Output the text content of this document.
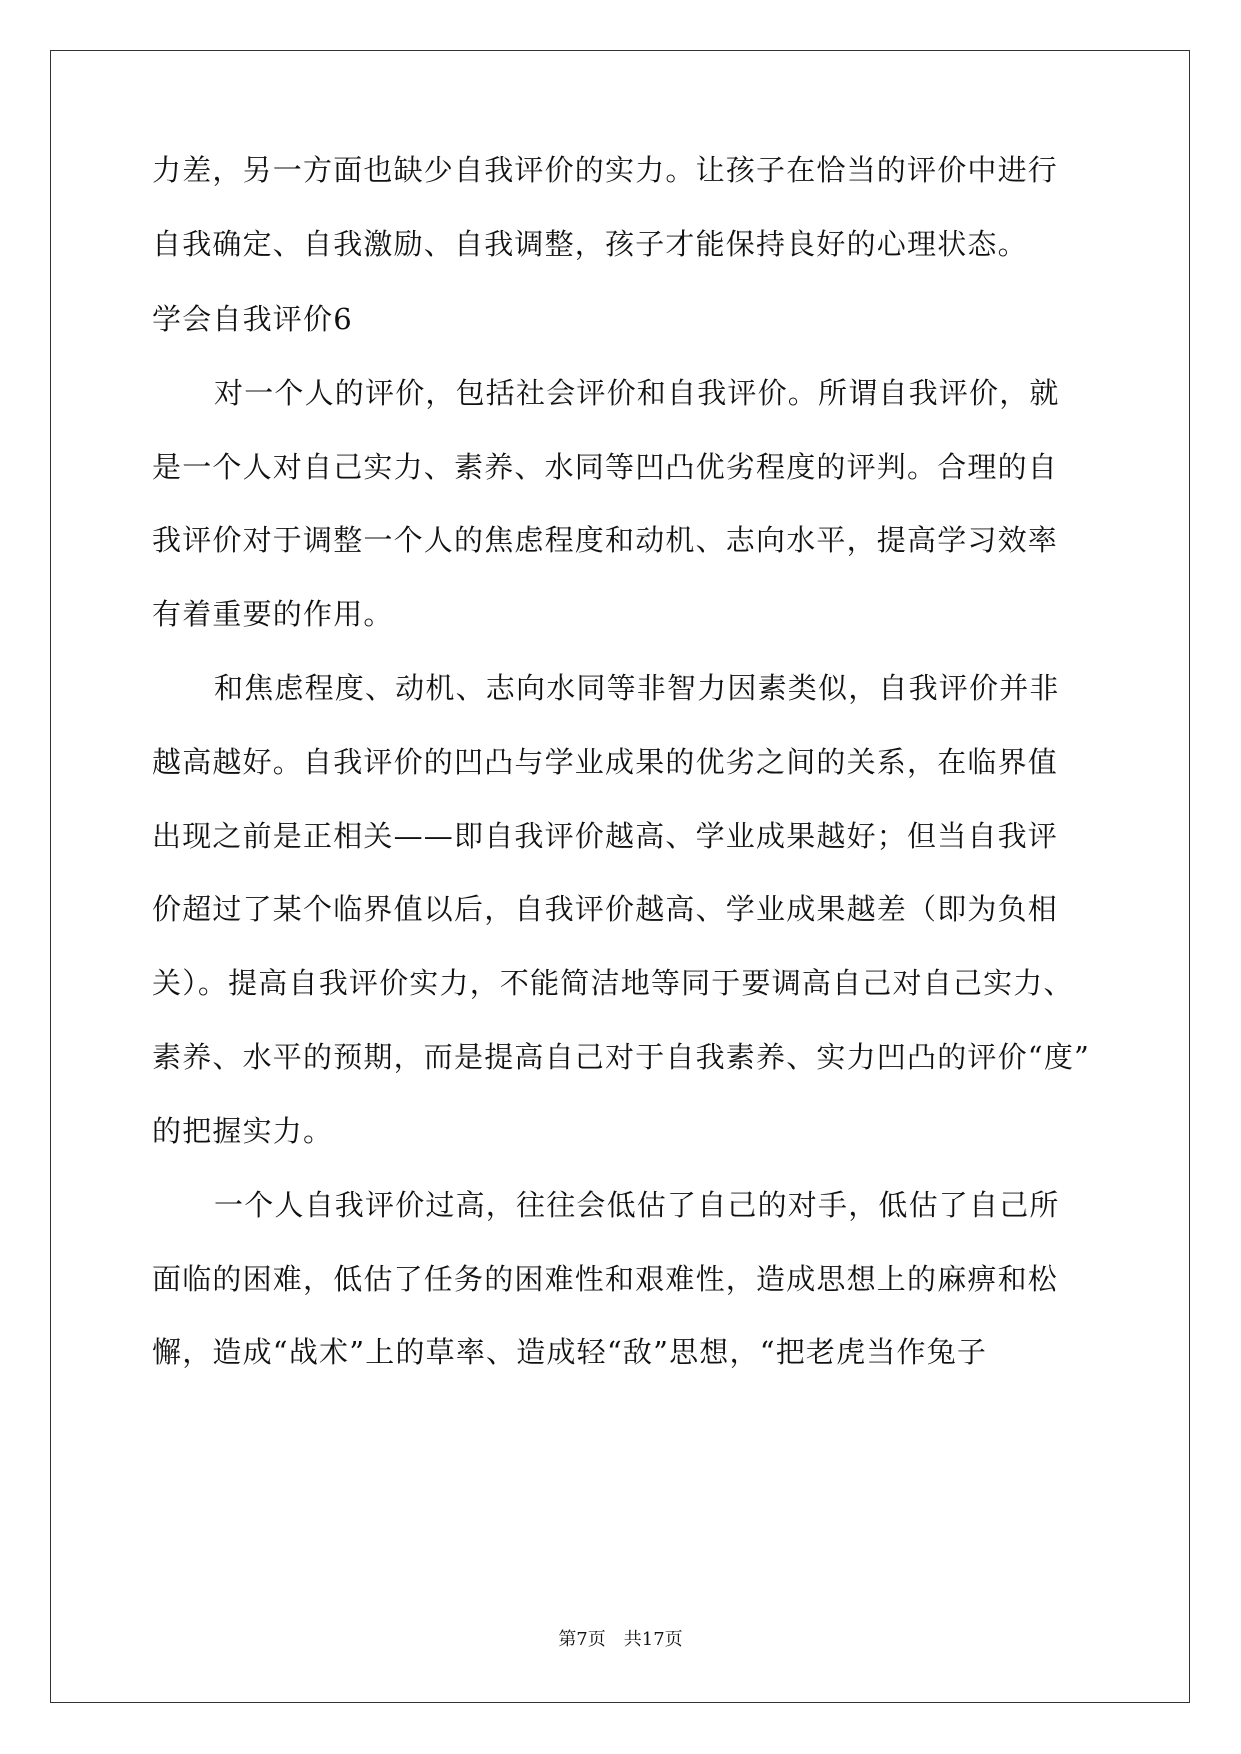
力差，另一方面也缺少自我评价的实力。让孩子在恰当的评价中进行
自我确定、自我激励、自我调整，孩子才能保持良好的心理状态。
学会自我评价6
对一个人的评价，包括社会评价和自我评价。所谓自我评价，就
是一个人对自己实力、素养、水同等凹凸优劣程度的评判。合理的自
我评价对于调整一个人的焦虑程度和动机、志向水平，提高学习效率
有着重要的作用。
和焦虑程度、动机、志向水同等非智力因素类似，自我评价并非
越高越好。自我评价的凹凸与学业成果的优劣之间的关系，在临界值
出现之前是正相关——即自我评价越高、学业成果越好；但当自我评
价超过了某个临界值以后，自我评价越高、学业成果越差（即为负相
关）。提高自我评价实力，不能简洁地等同于要调高自己对自己实力、
素养、水平的预期，而是提高自己对于自我素养、实力凹凸的评价“度”
的把握实力。
一个人自我评价过高，往往会低估了自己的对手，低估了自己所
面临的困难，低估了任务的困难性和艰难性，造成思想上的麻痹和松
懈，造成“战术”上的草率、造成轻“敌”思想，“把老虎当作兔子
第7页　共17页
